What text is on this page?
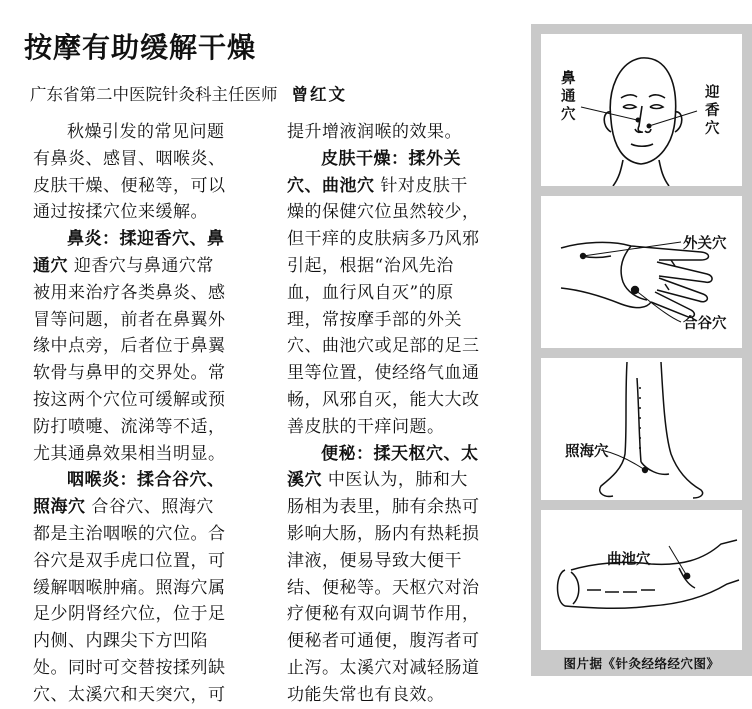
按摩有助缓解干燥
广东省第二中医院针灸科主任医师 曾红文
秋燥引发的常见问题
有鼻炎、感冒、咽喉炎、
皮肤干燥、便秘等，可以
通过按揉穴位来缓解。
鼻炎：揉迎香穴、鼻
通穴 迎香穴与鼻通穴常
被用来治疗各类鼻炎、感
冒等问题，前者在鼻翼外
缘中点旁，后者位于鼻翼
软骨与鼻甲的交界处。常
按这两个穴位可缓解或预
防打喷嚏、流涕等不适，
尤其通鼻效果相当明显。
咽喉炎：揉合谷穴、
照海穴 合谷穴、照海穴
都是主治咽喉的穴位。合
谷穴是双手虎口位置，可
缓解咽喉肿痛。照海穴属
足少阴肾经穴位，位于足
内侧、内踝尖下方凹陷
处。同时可交替按揉列缺
穴、太溪穴和天突穴，可
提升增液润喉的效果。
皮肤干燥：揉外关
穴、曲池穴 针对皮肤干
燥的保健穴位虽然较少，
但干痒的皮肤病多乃风邪
引起，根据“治风先治
血，血行风自灭”的原
理，常按摩手部的外关
穴、曲池穴或足部的足三
里等位置，使经络气血通
畅，风邪自灭，能大大改
善皮肤的干痒问题。
便秘：揉天枢穴、太
溪穴 中医认为，肺和大
肠相为表里，肺有余热可
影响大肠，肠内有热耗损
津液，便易导致大便干
结、便秘等。天枢穴对治
疗便秘有双向调节作用，
便秘者可通便，腹泻者可
止泻。太溪穴对减轻肠道
功能失常也有良效。
鼻通穴
迎香穴
外关穴
合谷穴
照海穴
曲池穴
图片据《针灸经络经穴图》
